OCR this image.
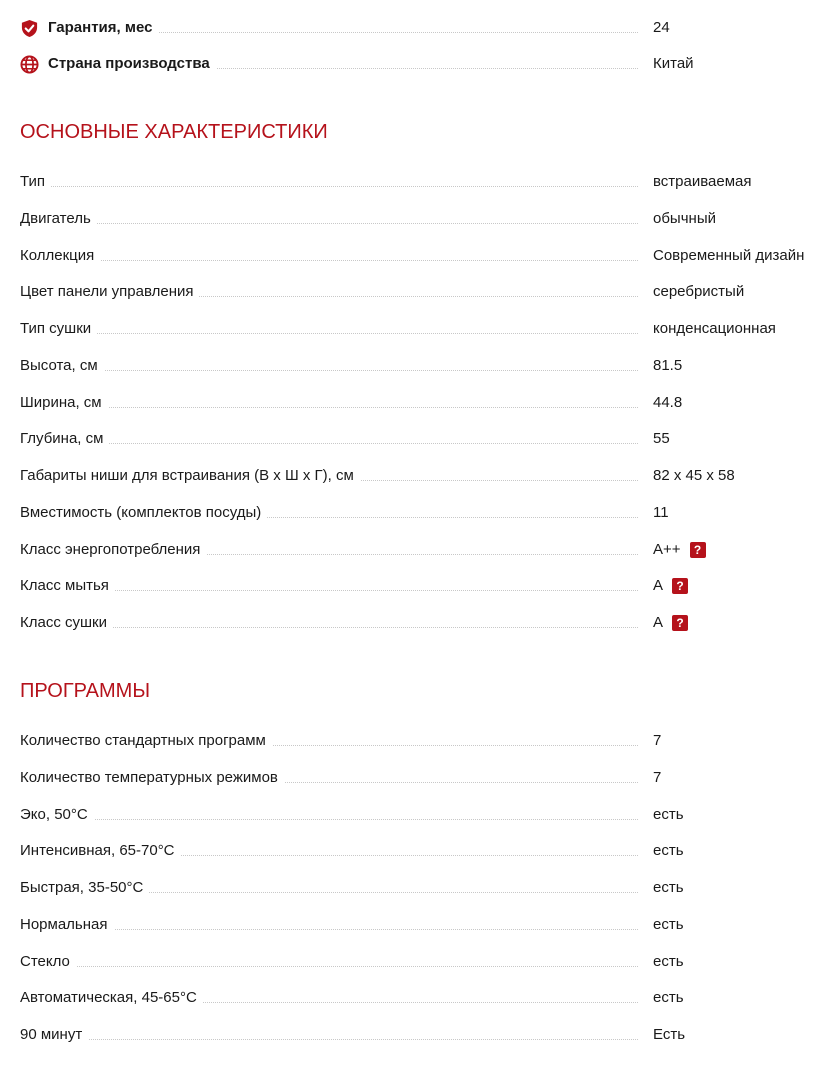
Гарантия, мес	24
Страна производства	Китай
ОСНОВНЫЕ ХАРАКТЕРИСТИКИ
Тип	встраиваемая
Двигатель	обычный
Коллекция	Современный дизайн
Цвет панели управления	серебристый
Тип сушки	конденсационная
Высота, см	81.5
Ширина, см	44.8
Глубина, см	55
Габариты ниши для встраивания (В х Ш х Г), см	82 х 45 х 58
Вместимость (комплектов посуды)	11
Класс энергопотребления	A++	?
Класс мытья	A	?
Класс сушки	A	?
ПРОГРАММЫ
Количество стандартных программ	7
Количество температурных режимов	7
Эко, 50°C	есть
Интенсивная, 65-70°C	есть
Быстрая, 35-50°C	есть
Нормальная	есть
Стекло	есть
Автоматическая, 45-65°C	есть
90 минут	Есть
